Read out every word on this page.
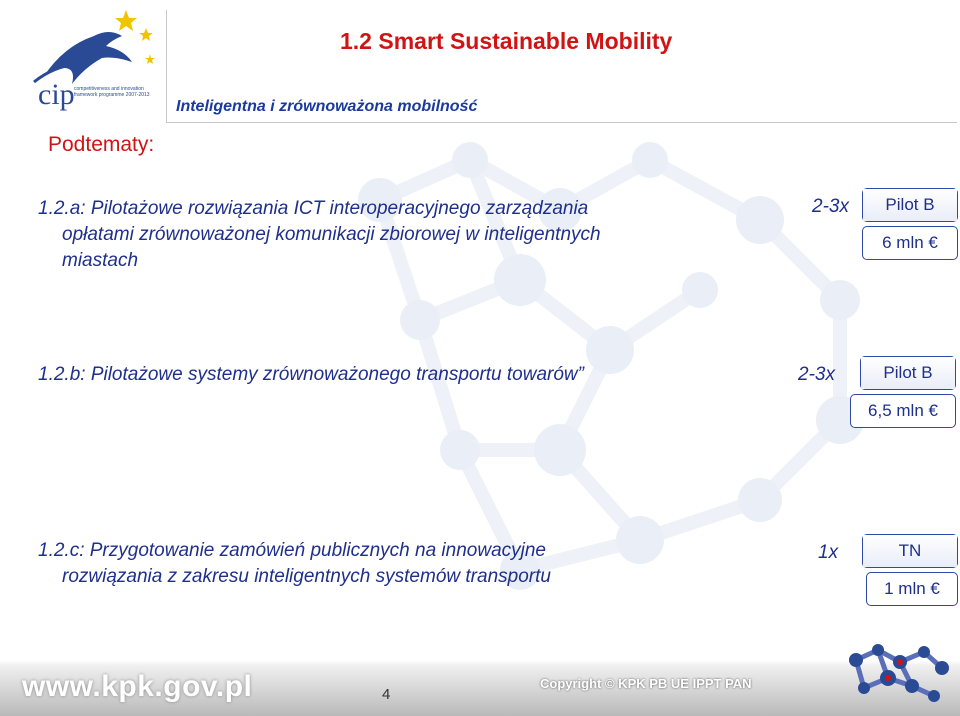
cip competitiveness and innovation framework programme 2007-2013
1.2 Smart Sustainable Mobility
Inteligentna i zrównoważona mobilność
Podtematy:
1.2.a: Pilotażowe rozwiązania ICT interoperacyjnego zarządzania
opłatami zrównoważonej komunikacji zbiorowej w inteligentnych
miastach
2-3x	Pilot B
6 mln €
1.2.b: Pilotażowe systemy zrównoważonego transportu towarów”	2-3x	Pilot B
6,5 mln €
1.2.c: Przygotowanie zamówień publicznych na innowacyjne
rozwiązania z zakresu inteligentnych systemów transportu
1x	TN
1 mln €
www.kpk.gov.pl	4
Copyright © KPK PB UE IPPT PAN
